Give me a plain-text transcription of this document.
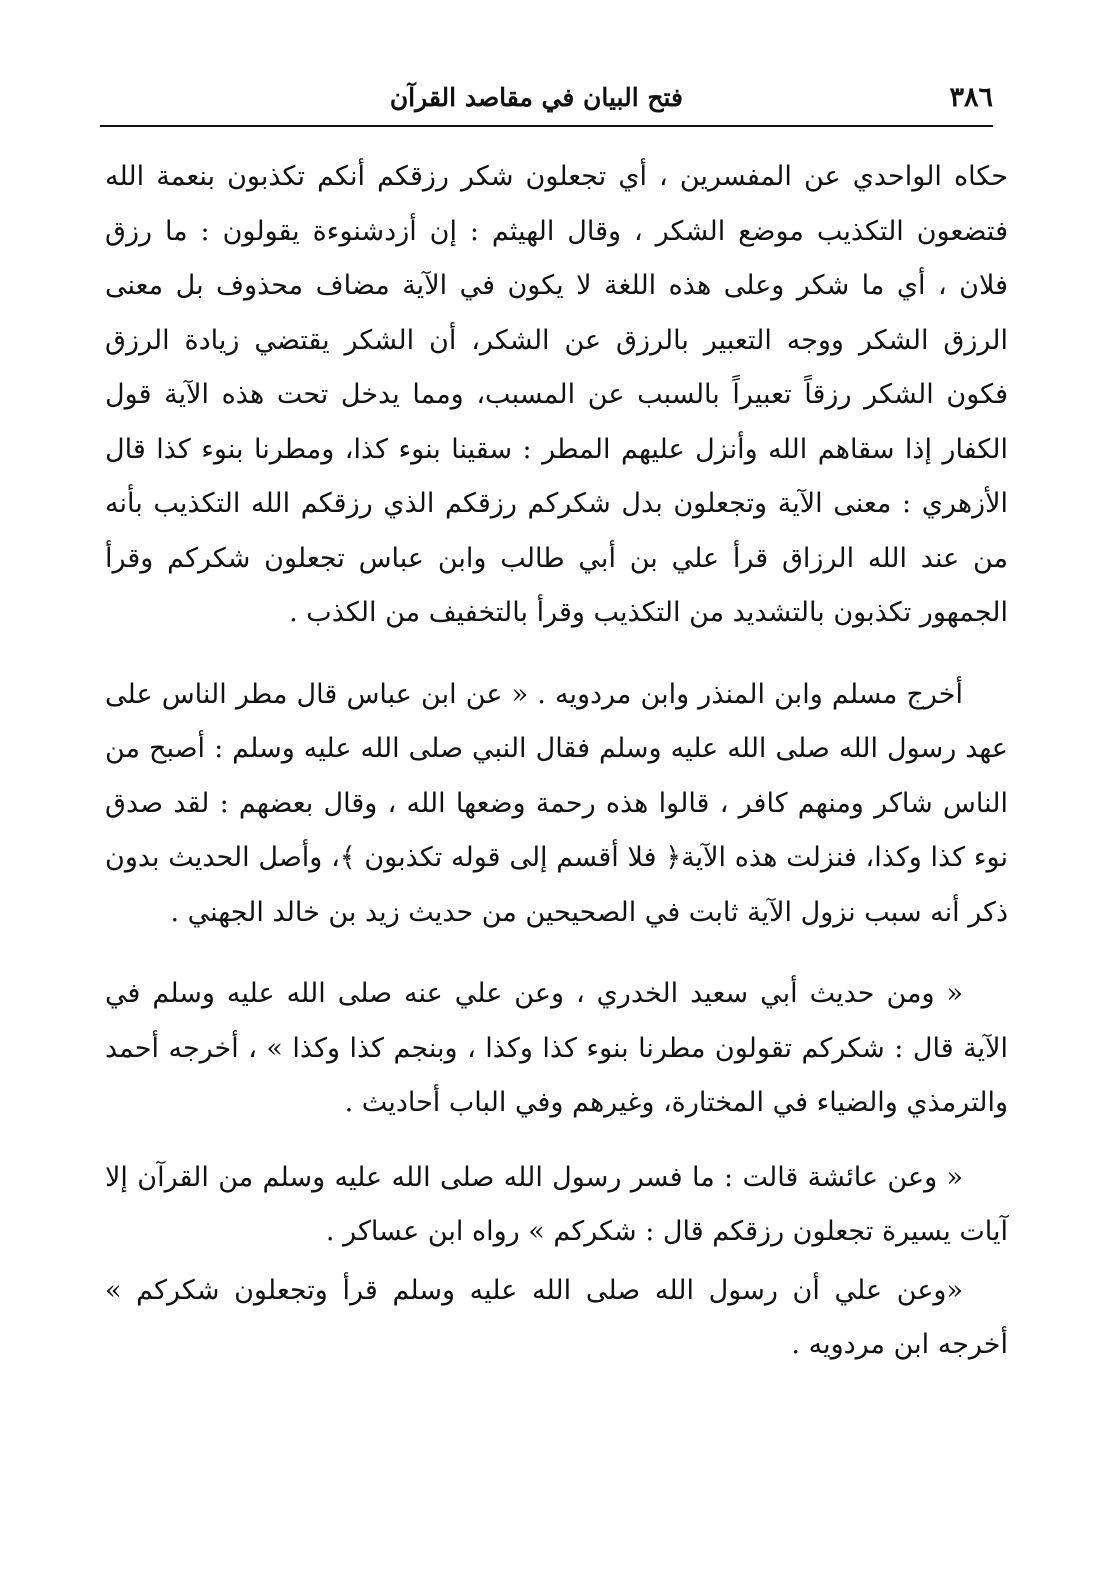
٣٨٦
فتح البيان في مقاصد القرآن

حكاه الواحدي عن المفسرين ، أي تجعلون شكر رزقكم أنكم تكذبون بنعمة الله فتضعون التكذيب موضع الشكر ، وقال الهيثم : إن أزدشنوءة يقولون : ما رزق فلان ، أي ما شكر وعلى هذه اللغة لا يكون في الآية مضاف محذوف بل معنى الرزق الشكر ووجه التعبير بالرزق عن الشكر، أن الشكر يقتضي زيادة الرزق فكون الشكر رزقاً تعبيراً بالسبب عن المسبب، ومما يدخل تحت هذه الآية قول الكفار إذا سقاهم الله وأنزل عليهم المطر : سقينا بنوء كذا، ومطرنا بنوء كذا قال الأزهري : معنى الآية وتجعلون بدل شكركم رزقكم الذي رزقكم الله التكذيب بأنه من عند الله الرزاق قرأ علي بن أبي طالب وابن عباس تجعلون شكركم وقرأ الجمهور تكذبون بالتشديد من التكذيب وقرأ بالتخفيف من الكذب .

أخرج مسلم وابن المنذر وابن مردويه . « عن ابن عباس قال مطر الناس على عهد رسول الله صلى الله عليه وسلم فقال النبي صلى الله عليه وسلم : أصبح من الناس شاكر ومنهم كافر ، قالوا هذه رحمة وضعها الله ، وقال بعضهم : لقد صدق نوء كذا وكذا، فنزلت هذه الآية﴿ فلا أقسم إلى قوله تكذبون ﴾، وأصل الحديث بدون ذكر أنه سبب نزول الآية ثابت في الصحيحين من حديث زيد بن خالد الجهني .

« ومن حديث أبي سعيد الخدري ، وعن علي عنه صلى الله عليه وسلم في الآية قال : شكركم تقولون مطرنا بنوء كذا وكذا ، وبنجم كذا وكذا » ، أخرجه أحمد والترمذي والضياء في المختارة، وغيرهم وفي الباب أحاديث .

« وعن عائشة قالت : ما فسر رسول الله صلى الله عليه وسلم من القرآن إلا آيات يسيرة تجعلون رزقكم قال : شكركم » رواه ابن عساكر .

«وعن علي أن رسول الله صلى الله عليه وسلم قرأ وتجعلون شكركم » أخرجه ابن مردويه .
